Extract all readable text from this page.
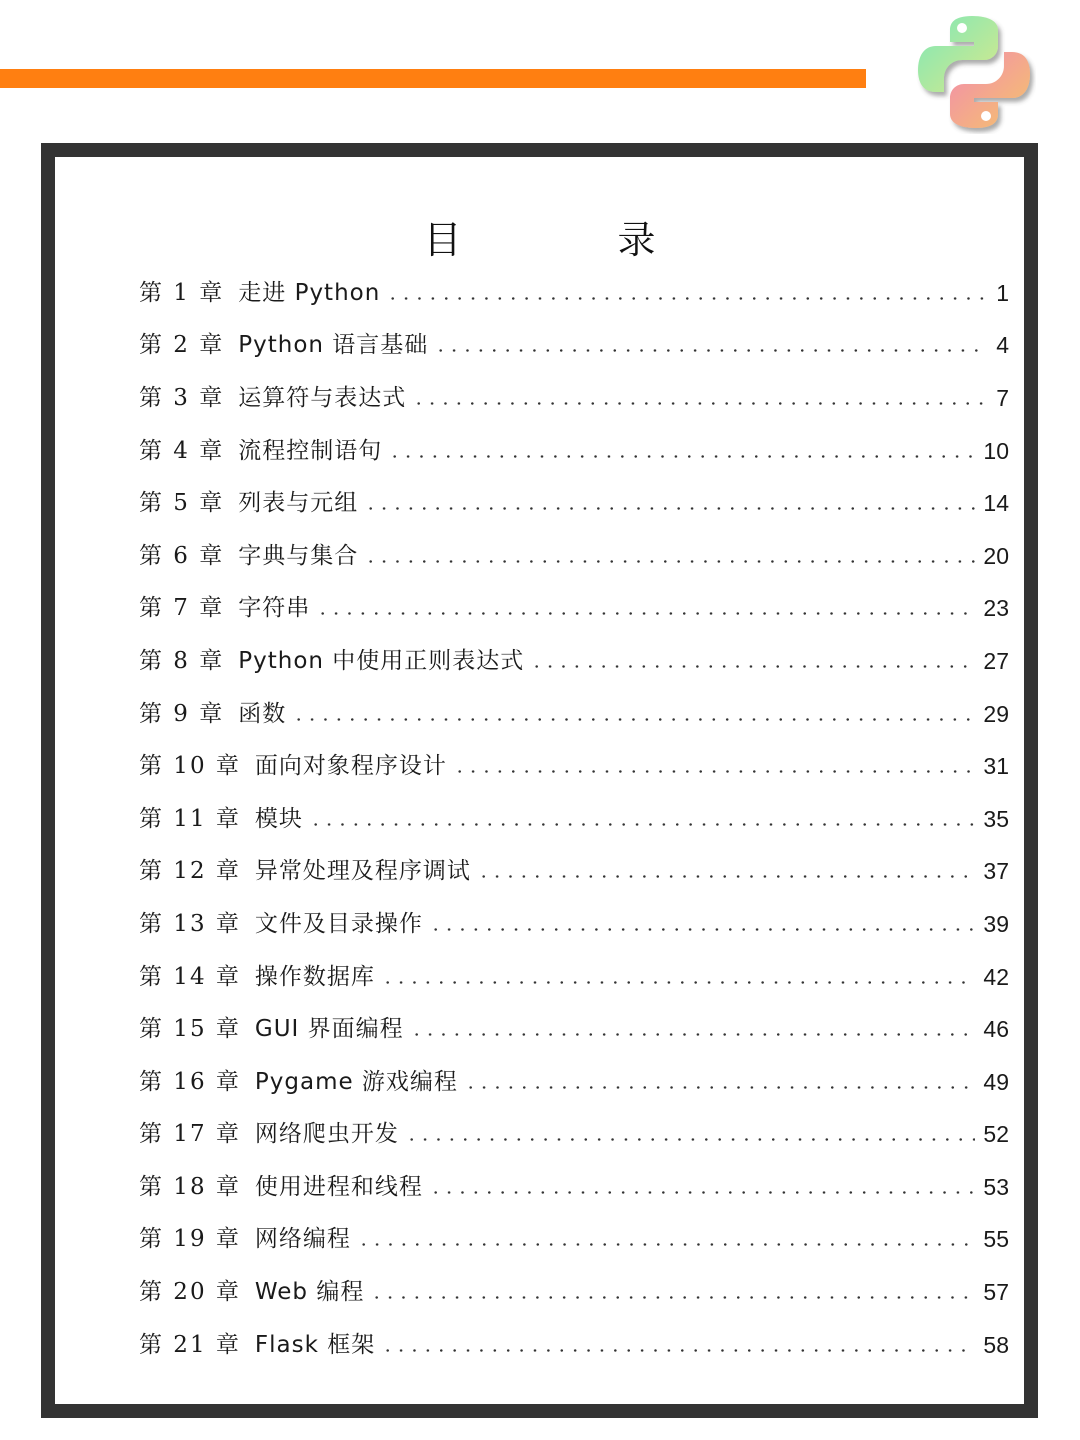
目 录
第 1 章 走进 Python	1
第 2 章 Python 语言基础	4
第 3 章 运算符与表达式	7
第 4 章 流程控制语句	10
第 5 章 列表与元组	14
第 6 章 字典与集合	20
第 7 章 字符串	23
第 8 章 Python 中使用正则表达式	27
第 9 章 函数	29
第 10 章 面向对象程序设计	31
第 11 章 模块	35
第 12 章 异常处理及程序调试	37
第 13 章 文件及目录操作	39
第 14 章 操作数据库	42
第 15 章 GUI 界面编程	46
第 16 章 Pygame 游戏编程	49
第 17 章 网络爬虫开发	52
第 18 章 使用进程和线程	53
第 19 章 网络编程	55
第 20 章 Web 编程	57
第 21 章 Flask 框架	58
